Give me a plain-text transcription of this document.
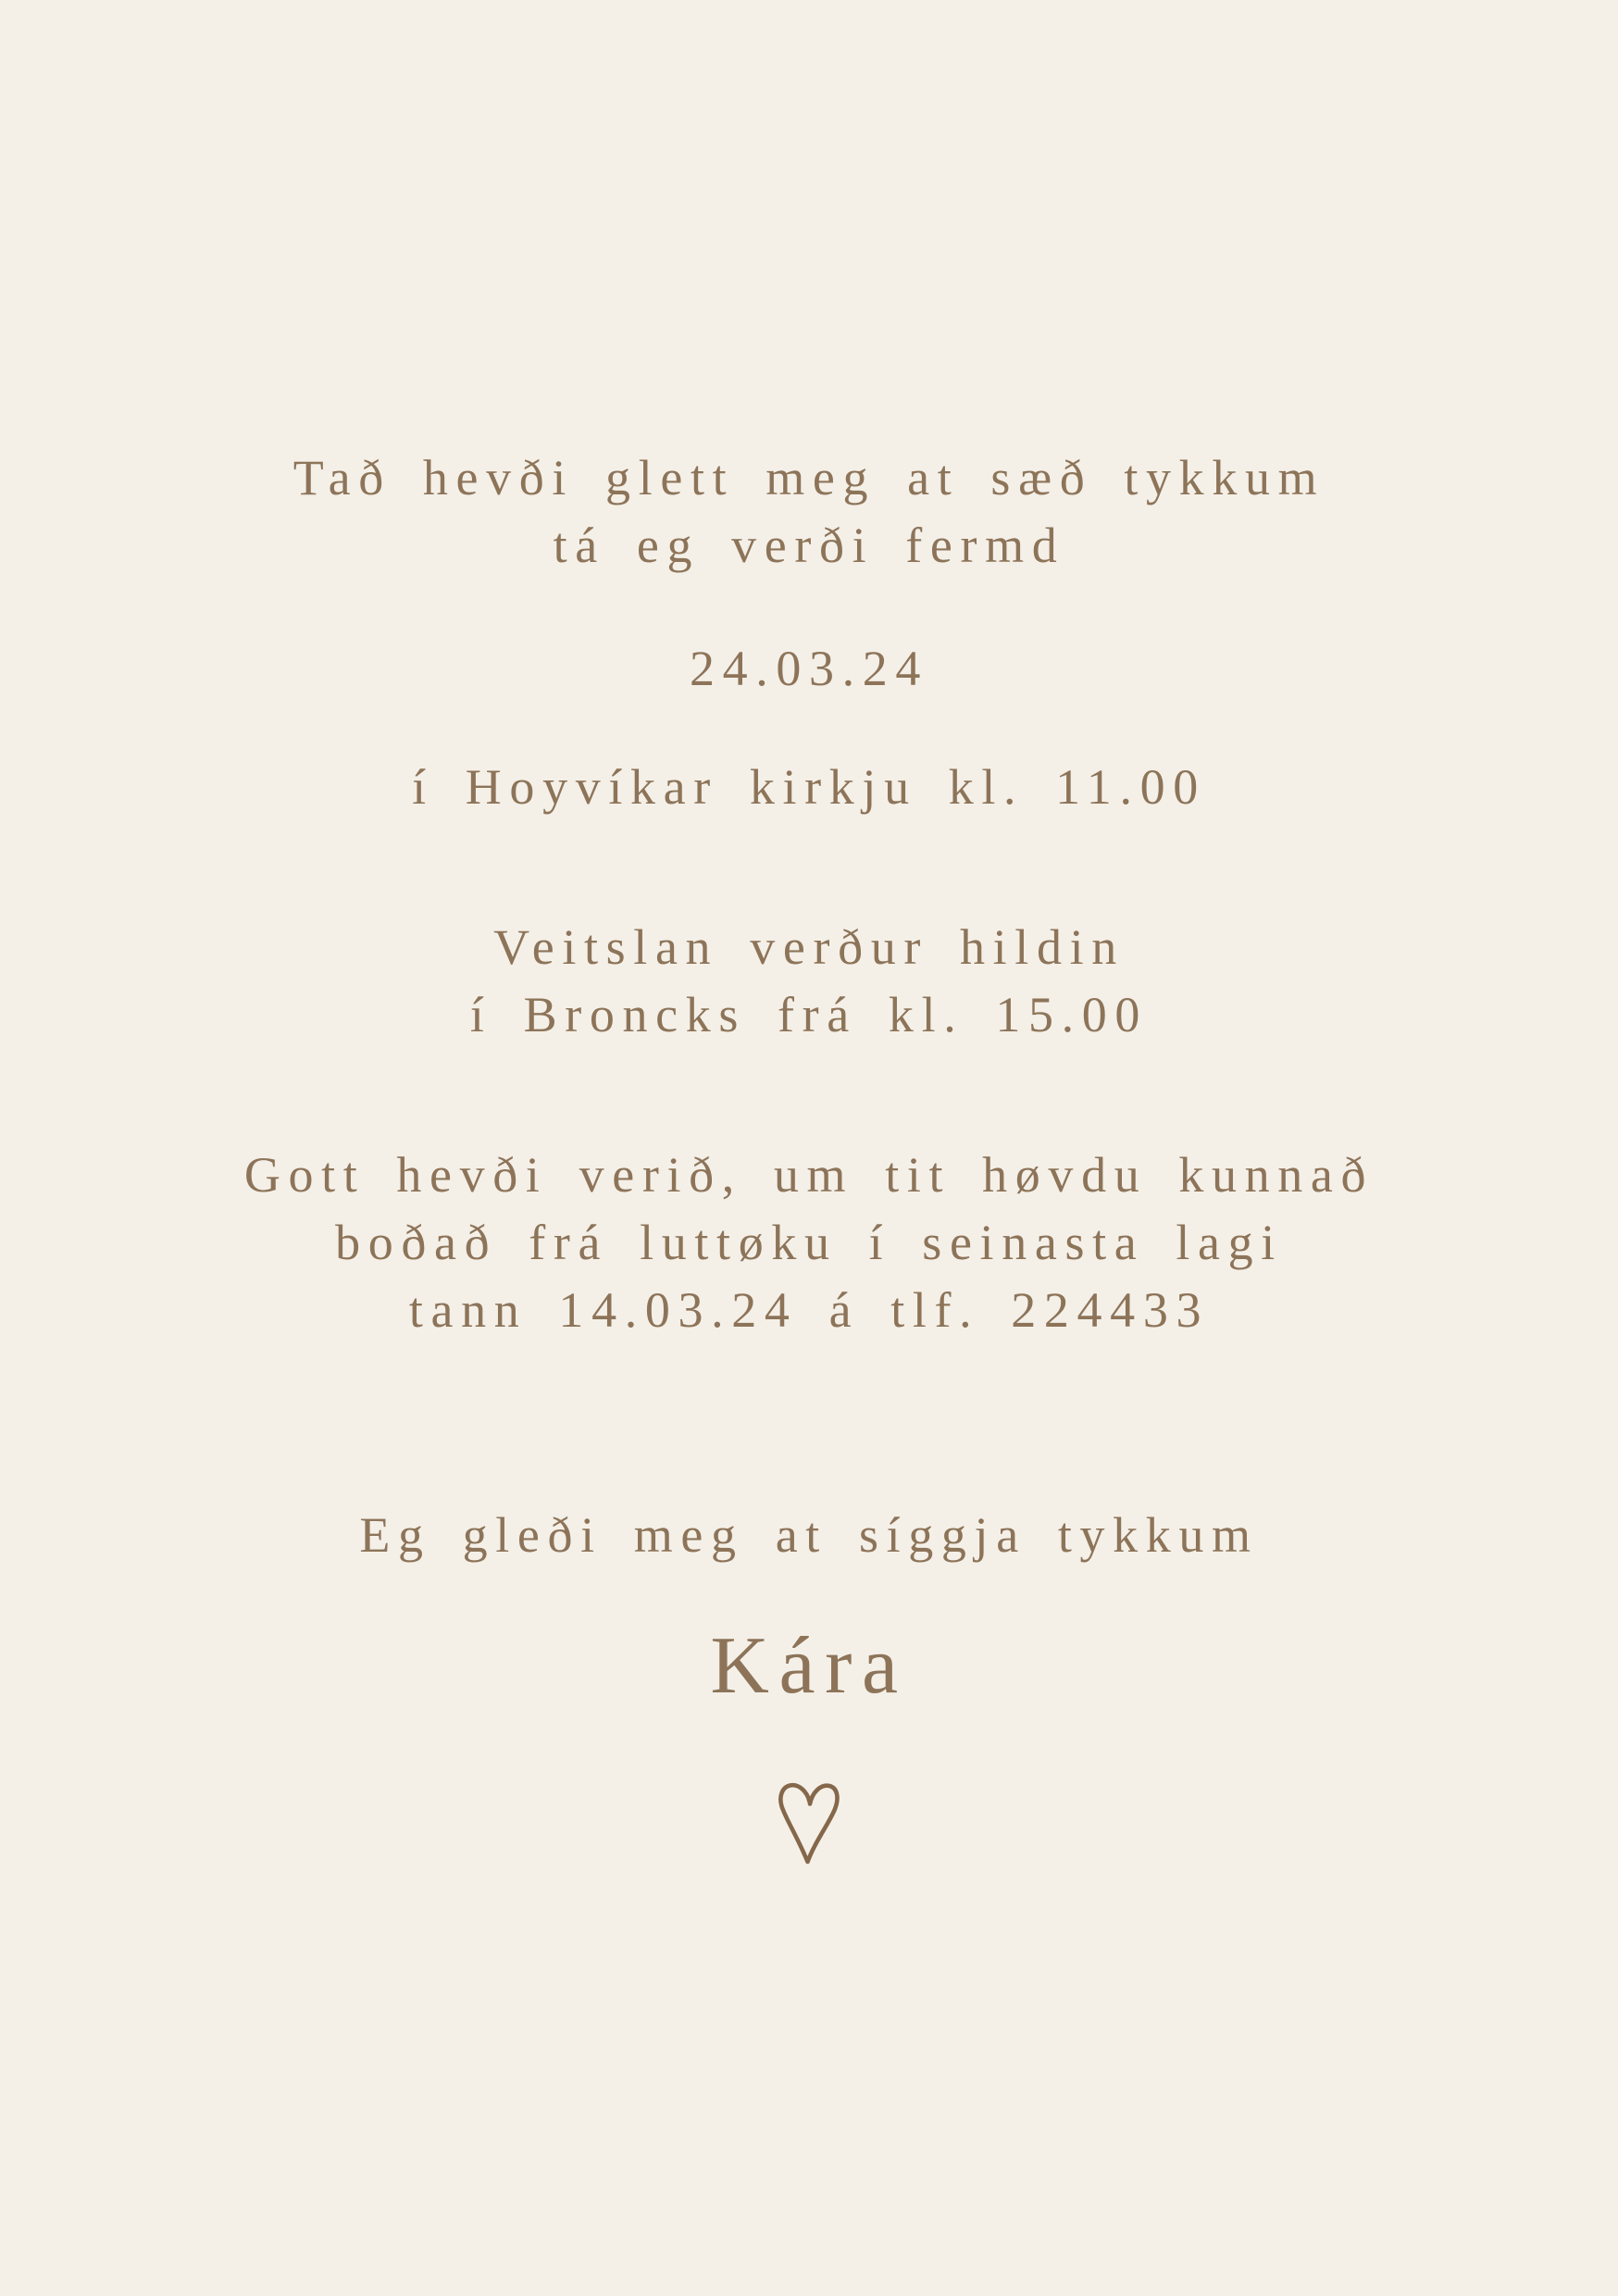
Tað hevði glett meg at sæð tykkum
tá eg verði fermd
24.03.24
í Hoyvíkar kirkju kl. 11.00
Veitslan verður hildin
í Broncks frá kl. 15.00
Gott hevði verið, um tit høvdu kunnað
boðað frá luttøku í seinasta lagi
tann 14.03.24 á tlf. 224433
Eg gleði meg at síggja tykkum
Kára
